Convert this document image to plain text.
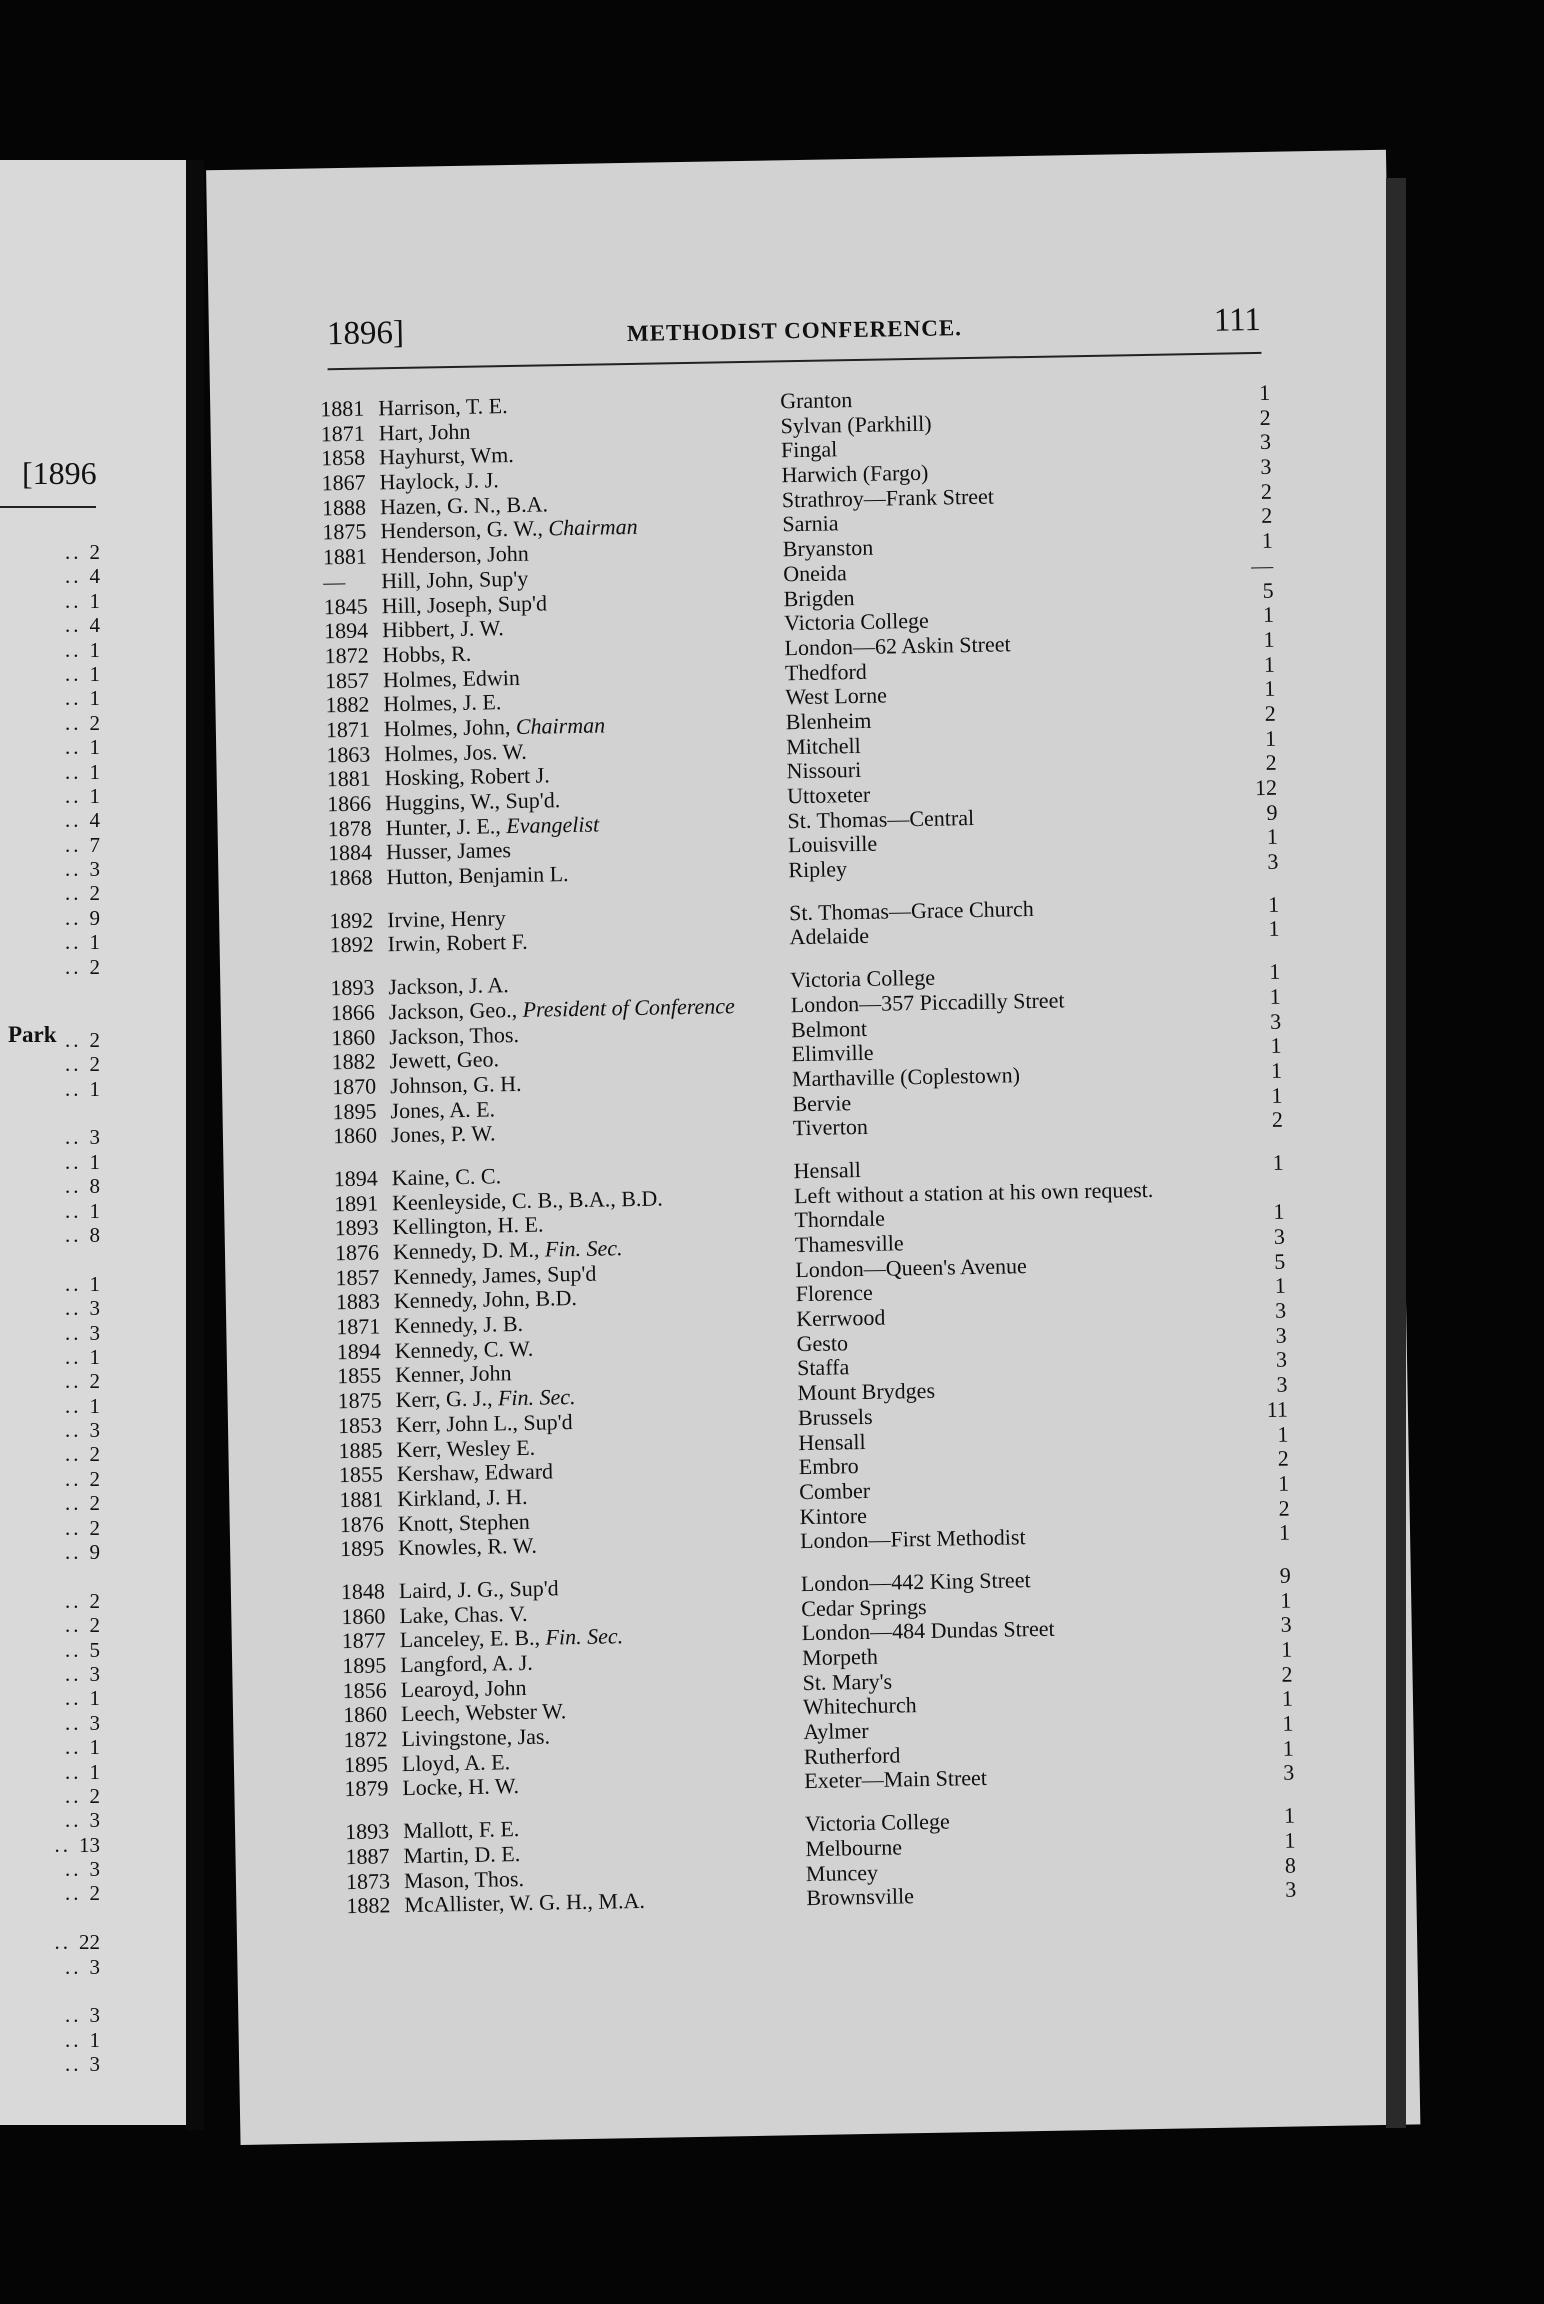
[1896
.. 2
.. 4
.. 1
.. 4
.. 1
.. 1
.. 1
.. 2
.. 1
.. 1
.. 1
.. 4
.. 7
.. 3
.. 2
.. 9
.. 1
.. 2
.. 2
.. 2
.. 1
.. 3
.. 1
.. 8
.. 1
.. 8
.. 1
.. 3
.. 3
.. 1
.. 2
.. 1
.. 3
.. 2
.. 2
.. 2
.. 2
.. 9
.. 2
.. 2
.. 5
.. 3
.. 1
.. 3
.. 1
.. 1
.. 2
.. 3
.. 13
.. 3
.. 2
.. 22
.. 3
.. 3
.. 1
.. 3
Park
1896]	METHODIST CONFERENCE.	111
1881 Harrison, T. E.	Granton	1
1871 Hart, John	Sylvan (Parkhill)	2
1858 Hayhurst, Wm.	Fingal	3
1867 Haylock, J. J.	Harwich (Fargo)	3
1888 Hazen, G. N., B.A.	Strathroy—Frank Street	2
1875 Henderson, G. W., Chairman	Sarnia	2
1881 Henderson, John	Bryanston	1
—	Hill, John, Sup'y	Oneida	—
1845 Hill, Joseph, Sup'd	Brigden	5
1894 Hibbert, J. W.	Victoria College	1
1872 Hobbs, R.	London—62 Askin Street	1
1857 Holmes, Edwin	Thedford	1
1882 Holmes, J. E.	West Lorne	1
1871 Holmes, John, Chairman	Blenheim	2
1863 Holmes, Jos. W.	Mitchell	1
1881 Hosking, Robert J.	Nissouri	2
1866 Huggins, W., Sup'd.	Uttoxeter	12
1878 Hunter, J. E., Evangelist	St. Thomas—Central	9
1884 Husser, James	Louisville	1
1868 Hutton, Benjamin L.	Ripley	3
1892 Irvine, Henry	St. Thomas—Grace Church	1
1892 Irwin, Robert F.	Adelaide	1
1893 Jackson, J. A.	Victoria College	1
1866 Jackson, Geo., President of Conference	London—357 Piccadilly Street	1
1860 Jackson, Thos.	Belmont	3
1882 Jewett, Geo.	Elimville	1
1870 Johnson, G. H.	Marthaville (Coplestown)	1
1895 Jones, A. E.	Bervie	1
1860 Jones, P. W.	Tiverton	2
1894 Kaine, C. C.	Hensall	1
1891 Keenleyside, C. B., B.A., B.D.	Left without a station at his own request.
1893 Kellington, H. E.	Thorndale	1
1876 Kennedy, D. M., Fin. Sec.	Thamesville	3
1857 Kennedy, James, Sup'd	London—Queen's Avenue	5
1883 Kennedy, John, B.D.	Florence	1
1871 Kennedy, J. B.	Kerrwood	3
1894 Kennedy, C. W.	Gesto	3
1855 Kenner, John	Staffa	3
1875 Kerr, G. J., Fin. Sec.	Mount Brydges	3
1853 Kerr, John L., Sup'd	Brussels	11
1885 Kerr, Wesley E.	Hensall	1
1855 Kershaw, Edward	Embro	2
1881 Kirkland, J. H.	Comber	1
1876 Knott, Stephen	Kintore	2
1895 Knowles, R. W.	London—First Methodist	1
1848 Laird, J. G., Sup'd	London—442 King Street	9
1860 Lake, Chas. V.	Cedar Springs	1
1877 Lanceley, E. B., Fin. Sec.	London—484 Dundas Street	3
1895 Langford, A. J.	Morpeth	1
1856 Learoyd, John	St. Mary's	2
1860 Leech, Webster W.	Whitechurch	1
1872 Livingstone, Jas.	Aylmer	1
1895 Lloyd, A. E.	Rutherford	1
1879 Locke, H. W.	Exeter—Main Street	3
1893 Mallott, F. E.	Victoria College	1
1887 Martin, D. E.	Melbourne	1
1873 Mason, Thos.	Muncey	8
1882 McAllister, W. G. H., M.A.	Brownsville	3
